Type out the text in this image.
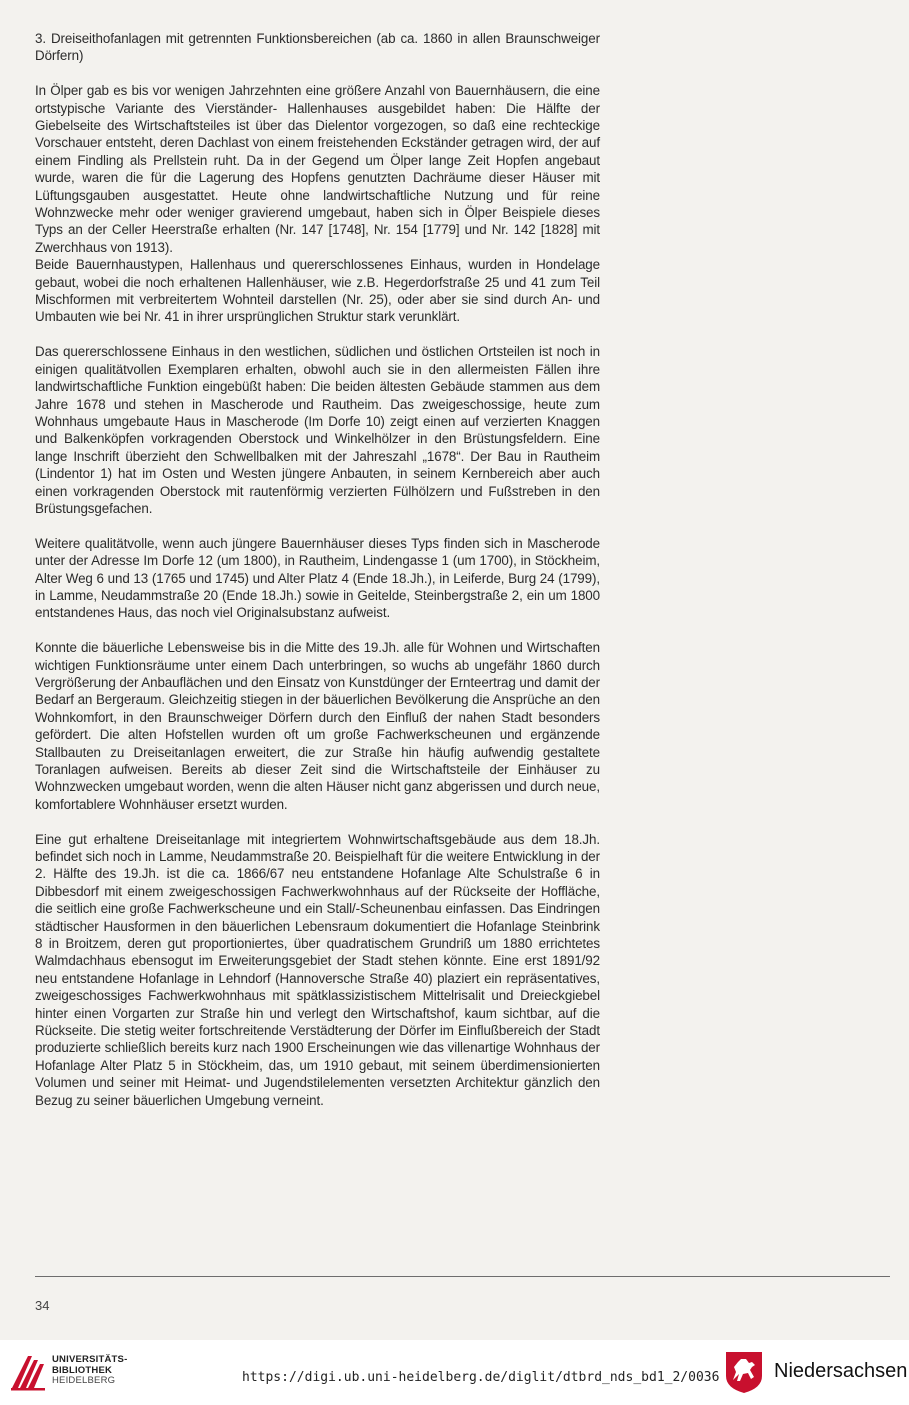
3. Dreiseithofanlagen mit getrennten Funktionsbereichen (ab ca. 1860 in allen Braunschweiger Dörfern)

In Ölper gab es bis vor wenigen Jahrzehnten eine größere Anzahl von Bauernhäusern, die eine ortstypische Variante des Vierständer- Hallenhauses ausgebildet haben: Die Hälfte der Giebelseite des Wirtschaftsteiles ist über das Dielentor vorgezogen, so daß eine rechteckige Vorschauer entsteht, deren Dachlast von einem freistehenden Eckständer getragen wird, der auf einem Findling als Prellstein ruht. Da in der Gegend um Ölper lange Zeit Hopfen angebaut wurde, waren die für die Lagerung des Hopfens genutzten Dachräume dieser Häuser mit Lüftungsgauben ausgestattet. Heute ohne landwirtschaftliche Nutzung und für reine Wohnzwecke mehr oder weniger gravierend umgebaut, haben sich in Ölper Beispiele dieses Typs an der Celler Heerstraße erhalten (Nr. 147 [1748], Nr. 154 [1779] und Nr. 142 [1828] mit Zwerchhaus von 1913).

Beide Bauernhaustypen, Hallenhaus und quererschlossenes Einhaus, wurden in Hondelage gebaut, wobei die noch erhaltenen Hallenhäuser, wie z.B. Hegerdorfstraße 25 und 41 zum Teil Mischformen mit verbreitertem Wohnteil darstellen (Nr. 25), oder aber sie sind durch An- und Umbauten wie bei Nr. 41 in ihrer ursprünglichen Struktur stark verunklärt.

Das quererschlossene Einhaus in den westlichen, südlichen und östlichen Ortsteilen ist noch in einigen qualitätvollen Exemplaren erhalten, obwohl auch sie in den allermeisten Fällen ihre landwirtschaftliche Funktion eingebüßt haben: Die beiden ältesten Gebäude stammen aus dem Jahre 1678 und stehen in Mascherode und Rautheim. Das zweigeschossige, heute zum Wohnhaus umgebaute Haus in Mascherode (Im Dorfe 10) zeigt einen auf verzierten Knaggen und Balkenköpfen vorkragenden Oberstock und Winkelhölzer in den Brüstungsfeldern. Eine lange Inschrift überzieht den Schwellbalken mit der Jahreszahl „1678“. Der Bau in Rautheim (Lindentor 1) hat im Osten und Westen jüngere Anbauten, in seinem Kernbereich aber auch einen vorkragenden Oberstock mit rautenförmig verzierten Fülhölzern und Fußstreben in den Brüstungsgefachen.

Weitere qualitätvolle, wenn auch jüngere Bauernhäuser dieses Typs finden sich in Mascherode unter der Adresse Im Dorfe 12 (um 1800), in Rautheim, Lindengasse 1 (um 1700), in Stöckheim, Alter Weg 6 und 13 (1765 und 1745) und Alter Platz 4 (Ende 18.Jh.), in Leiferde, Burg 24 (1799), in Lamme, Neudammstraße 20 (Ende 18.Jh.) sowie in Geitelde, Steinbergstraße 2, ein um 1800 entstandenes Haus, das noch viel Originalsubstanz aufweist.

Konnte die bäuerliche Lebensweise bis in die Mitte des 19.Jh. alle für Wohnen und Wirtschaften wichtigen Funktionsräume unter einem Dach unterbringen, so wuchs ab ungefähr 1860 durch Vergrößerung der Anbauflächen und den Einsatz von Kunstdünger der Ernteertrag und damit der Bedarf an Bergeraum. Gleichzeitig stiegen in der bäuerlichen Bevölkerung die Ansprüche an den Wohnkomfort, in den Braunschweiger Dörfern durch den Einfluß der nahen Stadt besonders gefördert. Die alten Hofstellen wurden oft um große Fachwerkscheunen und ergänzende Stallbauten zu Dreiseitanlagen erweitert, die zur Straße hin häufig aufwendig gestaltete Toranlagen aufweisen. Bereits ab dieser Zeit sind die Wirtschaftsteile der Einhäuser zu Wohnzwecken umgebaut worden, wenn die alten Häuser nicht ganz abgerissen und durch neue, komfortablere Wohnhäuser ersetzt wurden.

Eine gut erhaltene Dreiseitanlage mit integriertem Wohnwirtschaftsgebäude aus dem 18.Jh. befindet sich noch in Lamme, Neudammstraße 20. Beispielhaft für die weitere Entwicklung in der 2. Hälfte des 19.Jh. ist die ca. 1866/67 neu entstandene Hofanlage Alte Schulstraße 6 in Dibbesdorf mit einem zweigeschossigen Fachwerkwohnhaus auf der Rückseite der Hoffläche, die seitlich eine große Fachwerkscheune und ein Stall/-Scheunenbau einfassen. Das Eindringen städtischer Hausformen in den bäuerlichen Lebensraum dokumentiert die Hofanlage Steinbrink 8 in Broitzem, deren gut proportioniertes, über quadratischem Grundriß um 1880 errichtetes Walmdachhaus ebensogut im Erweiterungsgebiet der Stadt stehen könnte. Eine erst 1891/92 neu entstandene Hofanlage in Lehndorf (Hannoversche Straße 40) plaziert ein repräsentatives, zweigeschossiges Fachwerkwohnhaus mit spätklassizistischem Mittelrisalit und Dreieckgiebel hinter einen Vorgarten zur Straße hin und verlegt den Wirtschaftshof, kaum sichtbar, auf die Rückseite. Die stetig weiter fortschreitende Verstädterung der Dörfer im Einflußbereich der Stadt produzierte schließlich bereits kurz nach 1900 Erscheinungen wie das villenartige Wohnhaus der Hofanlage Alter Platz 5 in Stöckheim, das, um 1910 gebaut, mit seinem überdimensionierten Volumen und seiner mit Heimat- und Jugendstilelementen versetzten Architektur gänzlich den Bezug zu seiner bäuerlichen Umgebung verneint.

34
UNIVERSITÄTS-
BIBLIOTHEK
HEIDELBERG	https://digi.ub.uni-heidelberg.de/diglit/dtbrd_nds_bd1_2/0036	Niedersachsen
